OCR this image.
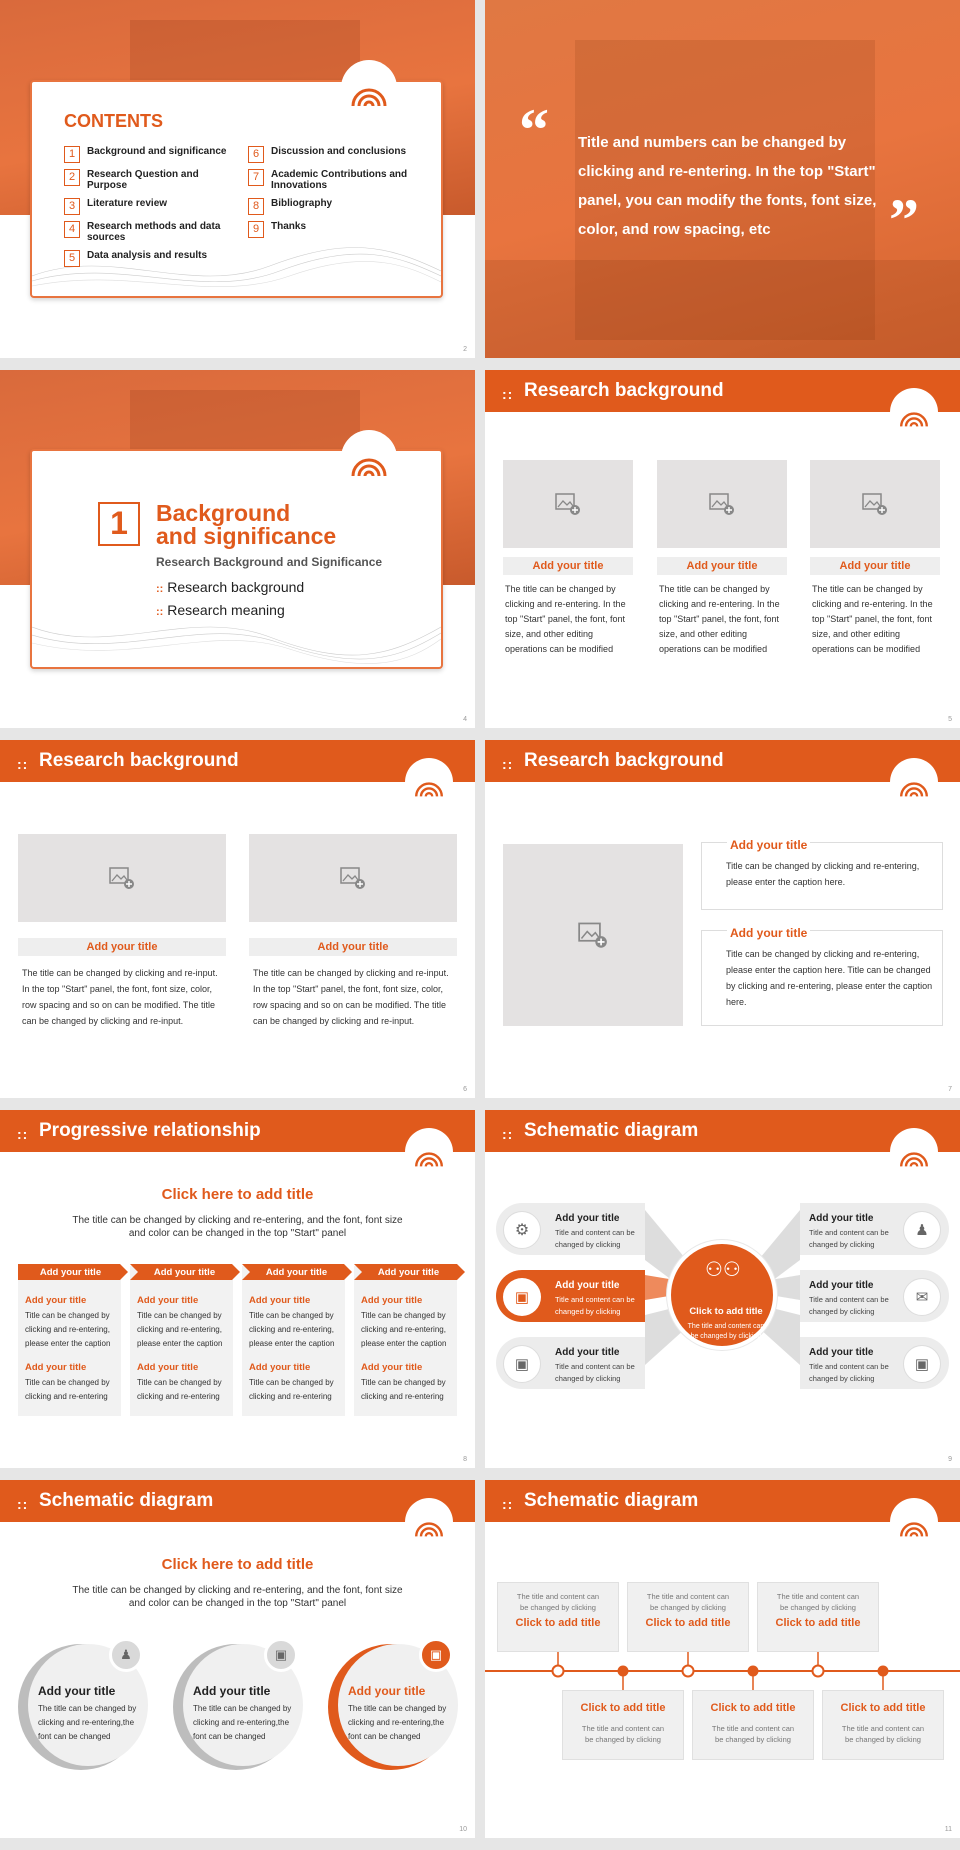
CONTENTS
1	Background and significance
2	Research Question and Purpose
3	Literature review
4	Research methods and data sources
5	Data analysis and results
6	Discussion and conclusions
7	Academic Contributions and Innovations
8	Bibliography
9	Thanks
2
“ Title and numbers can be changed by clicking and re-entering. In the top "Start" panel, you can modify the fonts, font size, color, and row spacing, etc	”
1	Background
and significance
Research Background and Significance
:: Research background
:: Research meaning
4
:: Research background
Add your title	Add your title	Add your title
The title can be changed by clicking and re-entering. In the top "Start" panel, the font, font size, and other editing operations can be modified
The title can be changed by clicking and re-entering. In the top "Start" panel, the font, font size, and other editing operations can be modified
The title can be changed by clicking and re-entering. In the top "Start" panel, the font, font size, and other editing operations can be modified
5
:: Research background
Add your title	Add your title
The title can be changed by clicking and re-input. In the top "Start" panel, the font, font size, color, row spacing and so on can be modified. The title can be changed by clicking and re-input.
The title can be changed by clicking and re-input. In the top "Start" panel, the font, font size, color, row spacing and so on can be modified. The title can be changed by clicking and re-input.
6
:: Research background
Add your title
Add your title
Title can be changed by clicking and re-entering, please enter the caption here.
Title can be changed by clicking and re-entering, please enter the caption here. Title can be changed by clicking and re-entering, please enter the caption here.
7
:: Progressive relationship
Click here to add title
The title can be changed by clicking and re-entering, and the font, font size and color can be changed in the top "Start" panel
Add your title	Add your title	Add your title	Add your title
Add your title	Add your title	Add your title	Add your title
Title can be changed by clicking and re-entering, please enter the caption
Title can be changed by clicking and re-entering, please enter the caption
Title can be changed by clicking and re-entering, please enter the caption
Title can be changed by clicking and re-entering, please enter the caption
Add your title	Add your title	Add your title	Add your title
Title can be changed by clicking and re-entering
Title can be changed by clicking and re-entering
Title can be changed by clicking and re-entering
Title can be changed by clicking and re-entering
8
:: Schematic diagram
⚇⚇
Click to add title
The title and content can be changed by clicking
⚙
▣
▣
♟
✉
▣
Add your title
Title and content can be changed by clicking
Add your title
Title and content can be changed by clicking
Add your title
Title and content can be changed by clicking
Add your title
Title and content can be changed by clicking
Add your title
Title and content can be changed by clicking
Add your title
Title and content can be changed by clicking
9
:: Schematic diagram
Click here to add title
The title can be changed by clicking and re-entering, and the font, font size and color can be changed in the top "Start" panel
♟
Add your title
The title can be changed by clicking and re-entering,the font can be changed
▣
Add your title
The title can be changed by clicking and re-entering,the font can be changed
▣
Add your title
The title can be changed by clicking and re-entering,the font can be changed
10
:: Schematic diagram
The title and content can be changed by clicking
The title and content can be changed by clicking
The title and content can be changed by clicking
Click to add title	Click to add title	Click to add title
Click to add title	Click to add title	Click to add title
The title and content can be changed by clicking
The title and content can be changed by clicking
The title and content can be changed by clicking
11
